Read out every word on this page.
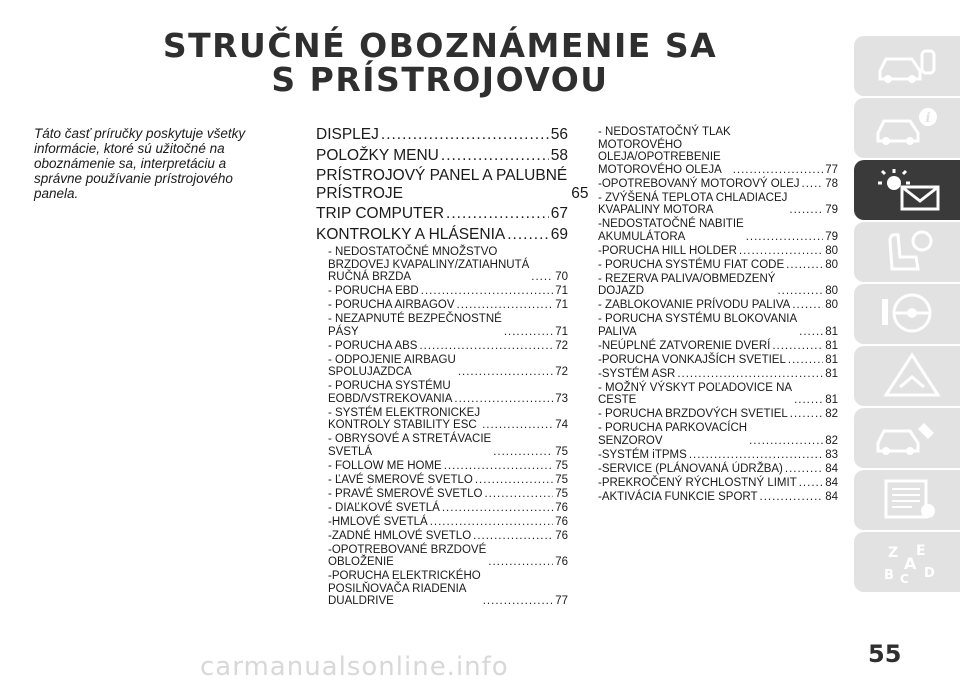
STRUČNÉ OBOZNÁMENIE SA
S PRÍSTROJOVOU
Táto časť príručky poskytuje všetky informácie, ktoré sú užitočné na oboznámenie sa, interpretáciu a správne používanie prístrojového panela.
DISPLEJ .....	56
POLOŽKY MENU .....	58
PRÍSTROJOVÝ PANEL A PALUBNÉ
PRÍSTROJE	65
TRIP COMPUTER .....	67
KONTROLKY A HLÁSENIA .....	69
- NEDOSTATOČNÉ MNOŽSTVO
BRZDOVEJ KVAPALINY/ZATIAHNUTÁ
RUČNÁ BRZDA .....	70
- PORUCHA EBD .....	71
- PORUCHA AIRBAGOV .....	71
- NEZAPNUTÉ BEZPEČNOSTNÉ
PÁSY .....	71
- PORUCHA ABS .....	72
- ODPOJENIE AIRBAGU
SPOLUJAZDCA .....	72
- PORUCHA SYSTÉMU
EOBD/VSTREKOVANIA .....	73
- SYSTÉM ELEKTRONICKEJ
KONTROLY STABILITY ESC .....	74
- OBRYSOVÉ A STRETÁVACIE
SVETLÁ .....	75
- FOLLOW ME HOME .....	75
- ĽAVÉ SMEROVÉ SVETLO .....	75
- PRAVÉ SMEROVÉ SVETLO .....	75
- DIAĽKOVÉ SVETLÁ .....	76
-HMLOVÉ SVETLÁ .....	76
-ZADNÉ HMLOVÉ SVETLO .....	76
-OPOTREBOVANÉ BRZDOVÉ
OBLOŽENIE .....	76
-PORUCHA ELEKTRICKÉHO
POSILŇOVAČA RIADENIA
DUALDRIVE .....	77
- NEDOSTATOČNÝ TLAK
MOTOROVÉHO
OLEJA/OPOTREBENIE
MOTOROVÉHO OLEJA .....	77
-OPOTREBOVANÝ MOTOROVÝ OLEJ ..... 78
- ZVÝŠENÁ TEPLOTA CHLADIACEJ
KVAPALINY MOTORA .....	79
-NEDOSTATOČNÉ NABITIE
AKUMULÁTORA .....	79
-PORUCHA HILL HOLDER .....	80
- PORUCHA SYSTÉMU FIAT CODE .....	80
- REZERVA PALIVA/OBMEDZENÝ
DOJAZD .....	80
- ZABLOKOVANIE PRÍVODU PALIVA .....	80
- PORUCHA SYSTÉMU BLOKOVANIA
PALIVA .....	81
-NEÚPLNÉ ZATVORENIE DVERÍ .....	81
-PORUCHA VONKAJŠÍCH SVETIEL .....	81
-SYSTÉM ASR .....	81
- MOŽNÝ VÝSKYT POĽADOVICE NA
CESTE .....	81
- PORUCHA BRZDOVÝCH SVETIEL .....	82
- PORUCHA PARKOVACÍCH
SENZOROV .....	82
-SYSTÉM iTPMS .....	83
-SERVICE (PLÁNOVANÁ ÚDRŽBA) .....	84
-PREKROČENÝ RÝCHLOSTNÝ LIMIT ..... 84
-AKTIVÁCIA FUNKCIE SPORT .....	84
i
Z E
A
B D
C
55
carmanualsonline.info
